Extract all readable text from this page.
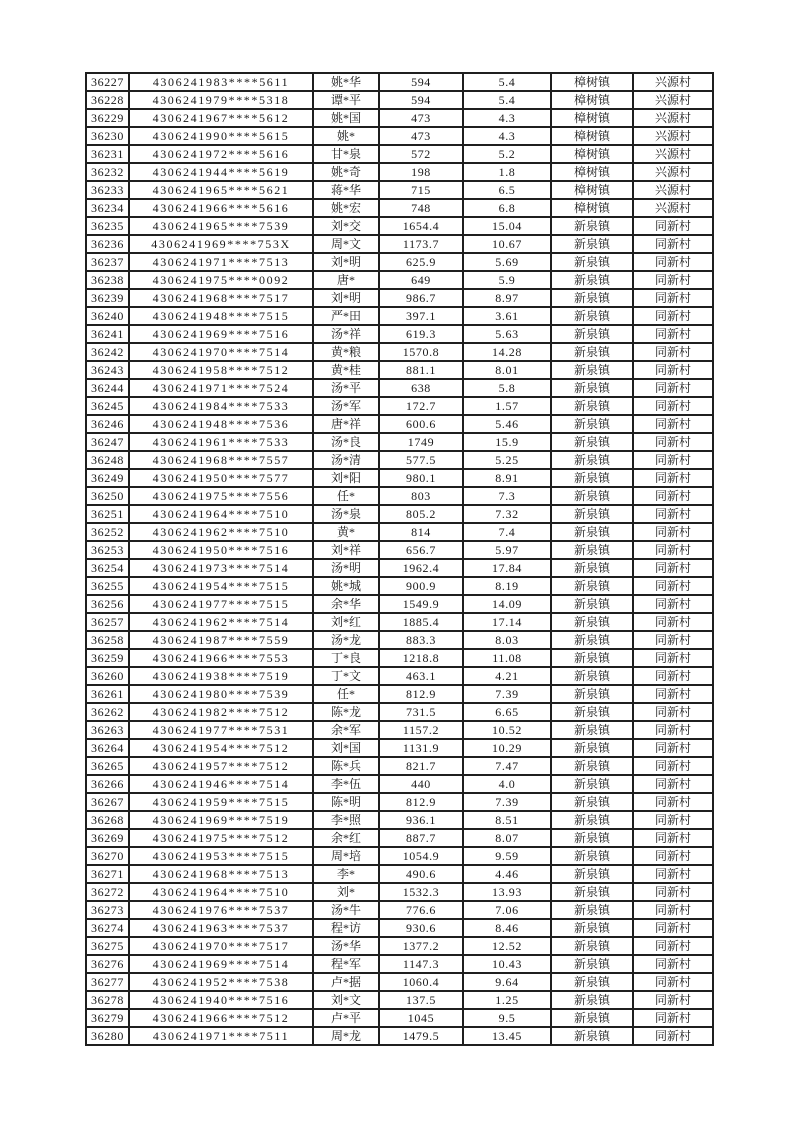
36227	4306241983****5611	姚*华	594	5.4	樟树镇	兴源村
36228	4306241979****5318	谭*平	594	5.4	樟树镇	兴源村
36229	4306241967****5612	姚*国	473	4.3	樟树镇	兴源村
36230	4306241990****5615	姚*	473	4.3	樟树镇	兴源村
36231	4306241972****5616	甘*泉	572	5.2	樟树镇	兴源村
36232	4306241944****5619	姚*奇	198	1.8	樟树镇	兴源村
36233	4306241965****5621	蒋*华	715	6.5	樟树镇	兴源村
36234	4306241966****5616	姚*宏	748	6.8	樟树镇	兴源村
36235	4306241965****7539	刘*交	1654.4	15.04	新泉镇	同新村
36236	4306241969****753X	周*文	1173.7	10.67	新泉镇	同新村
36237	4306241971****7513	刘*明	625.9	5.69	新泉镇	同新村
36238	4306241975****0092	唐*	649	5.9	新泉镇	同新村
36239	4306241968****7517	刘*明	986.7	8.97	新泉镇	同新村
36240	4306241948****7515	严*田	397.1	3.61	新泉镇	同新村
36241	4306241969****7516	汤*祥	619.3	5.63	新泉镇	同新村
36242	4306241970****7514	黄*粮	1570.8	14.28	新泉镇	同新村
36243	4306241958****7512	黄*桂	881.1	8.01	新泉镇	同新村
36244	4306241971****7524	汤*平	638	5.8	新泉镇	同新村
36245	4306241984****7533	汤*军	172.7	1.57	新泉镇	同新村
36246	4306241948****7536	唐*祥	600.6	5.46	新泉镇	同新村
36247	4306241961****7533	汤*良	1749	15.9	新泉镇	同新村
36248	4306241968****7557	汤*清	577.5	5.25	新泉镇	同新村
36249	4306241950****7577	刘*阳	980.1	8.91	新泉镇	同新村
36250	4306241975****7556	任*	803	7.3	新泉镇	同新村
36251	4306241964****7510	汤*泉	805.2	7.32	新泉镇	同新村
36252	4306241962****7510	黄*	814	7.4	新泉镇	同新村
36253	4306241950****7516	刘*祥	656.7	5.97	新泉镇	同新村
36254	4306241973****7514	汤*明	1962.4	17.84	新泉镇	同新村
36255	4306241954****7515	姚*城	900.9	8.19	新泉镇	同新村
36256	4306241977****7515	余*华	1549.9	14.09	新泉镇	同新村
36257	4306241962****7514	刘*红	1885.4	17.14	新泉镇	同新村
36258	4306241987****7559	汤*龙	883.3	8.03	新泉镇	同新村
36259	4306241966****7553	丁*良	1218.8	11.08	新泉镇	同新村
36260	4306241938****7519	丁*文	463.1	4.21	新泉镇	同新村
36261	4306241980****7539	任*	812.9	7.39	新泉镇	同新村
36262	4306241982****7512	陈*龙	731.5	6.65	新泉镇	同新村
36263	4306241977****7531	余*军	1157.2	10.52	新泉镇	同新村
36264	4306241954****7512	刘*国	1131.9	10.29	新泉镇	同新村
36265	4306241957****7512	陈*兵	821.7	7.47	新泉镇	同新村
36266	4306241946****7514	李*伍	440	4.0	新泉镇	同新村
36267	4306241959****7515	陈*明	812.9	7.39	新泉镇	同新村
36268	4306241969****7519	李*照	936.1	8.51	新泉镇	同新村
36269	4306241975****7512	余*红	887.7	8.07	新泉镇	同新村
36270	4306241953****7515	周*培	1054.9	9.59	新泉镇	同新村
36271	4306241968****7513	李*	490.6	4.46	新泉镇	同新村
36272	4306241964****7510	刘*	1532.3	13.93	新泉镇	同新村
36273	4306241976****7537	汤*牛	776.6	7.06	新泉镇	同新村
36274	4306241963****7537	程*访	930.6	8.46	新泉镇	同新村
36275	4306241970****7517	汤*华	1377.2	12.52	新泉镇	同新村
36276	4306241969****7514	程*军	1147.3	10.43	新泉镇	同新村
36277	4306241952****7538	卢*据	1060.4	9.64	新泉镇	同新村
36278	4306241940****7516	刘*文	137.5	1.25	新泉镇	同新村
36279	4306241966****7512	卢*平	1045	9.5	新泉镇	同新村
36280	4306241971****7511	周*龙	1479.5	13.45	新泉镇	同新村
